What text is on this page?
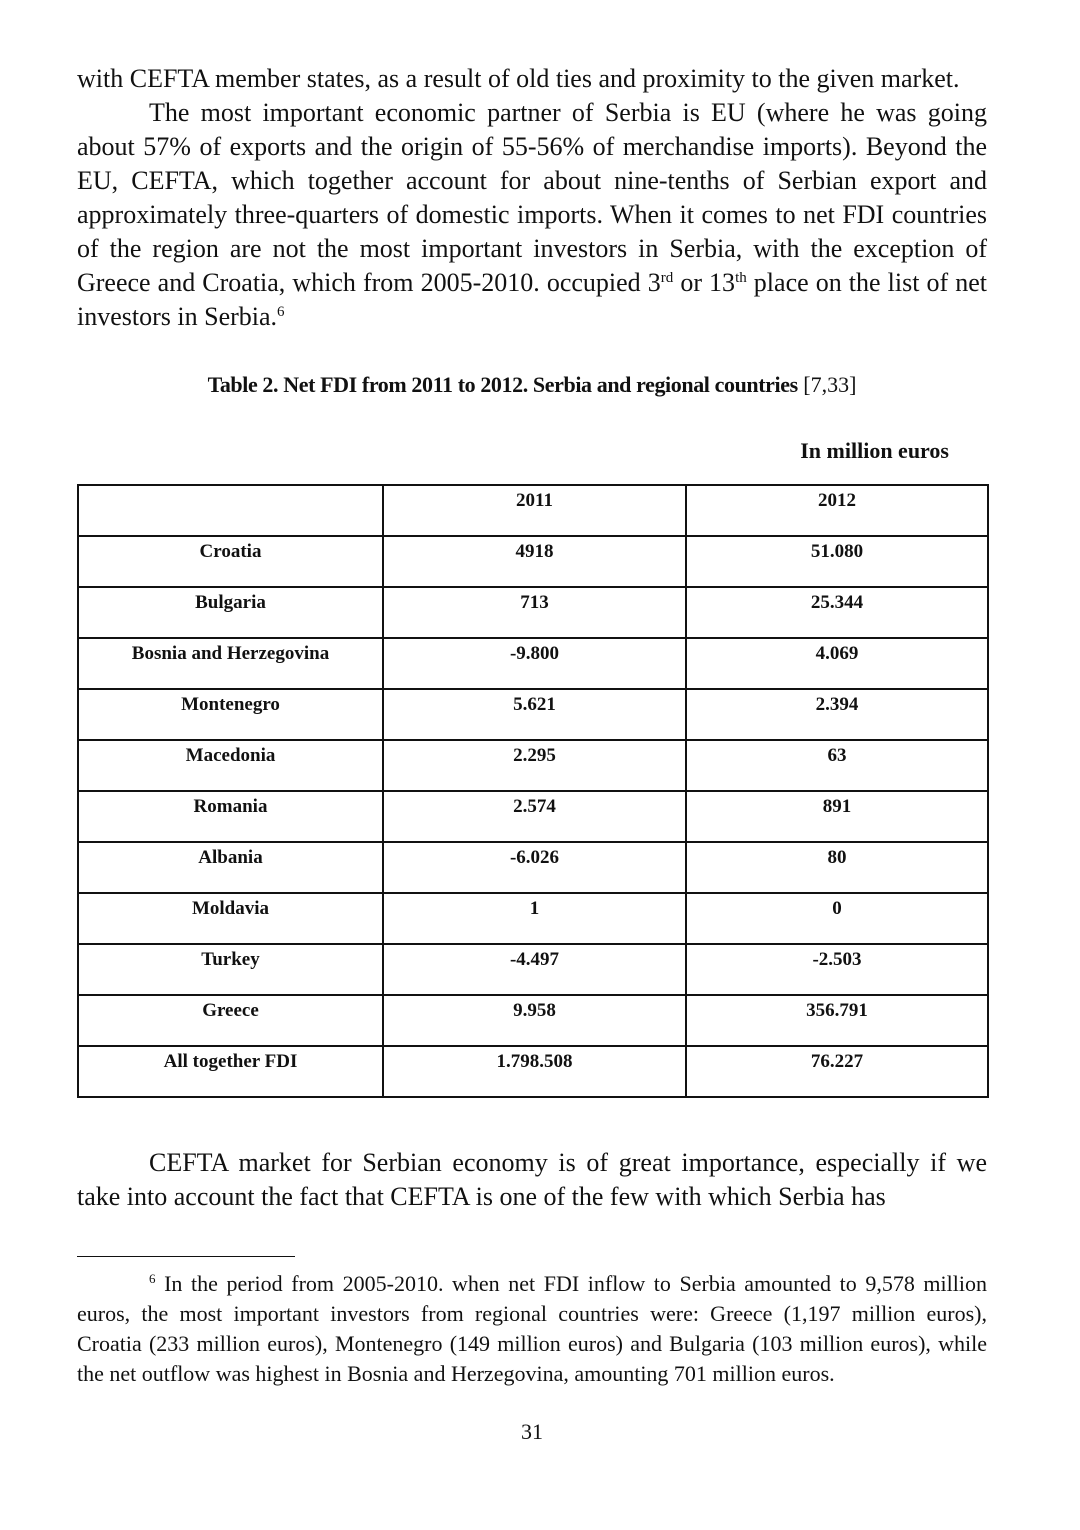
with CEFTA member states, as a result of old ties and proximity to the given market.

The most important economic partner of Serbia is EU (where he was going about 57% of exports and the origin of 55-56% of merchandise imports). Beyond the EU, CEFTA, which together account for about nine-tenths of Serbian export and approximately three-quarters of domestic imports. When it comes to net FDI countries of the region are not the most important investors in Serbia, with the exception of Greece and Croatia, which from 2005-2010. occupied 3rd or 13th place on the list of net investors in Serbia.$^6$

Table 2. Net FDI from 2011 to 2012. Serbia and regional countries [7,33]

In million euros

	2011	2012

Croatia	4918	51.080

Bulgaria	713	25.344

Bosnia and Herzegovina	-9.800	4.069

Montenegro	5.621	2.394

Macedonia	2.295	63

Romania	2.574	891

Albania	-6.026	80

Moldavia	1	0

Turkey	-4.497	-2.503

Greece	9.958	356.791

All together FDI	1.798.508	76.227

CEFTA market for Serbian economy is of great importance, especially if we take into account the fact that CEFTA is one of the few with which Serbia has

$^6$ In the period from 2005-2010. when net FDI inflow to Serbia amounted to 9,578 million euros, the most important investors from regional countries were: Greece (1,197 million euros), Croatia (233 million euros), Montenegro (149 million euros) and Bulgaria (103 million euros), while the net outflow was highest in Bosnia and Herzegovina, amounting 701 million euros.

31
